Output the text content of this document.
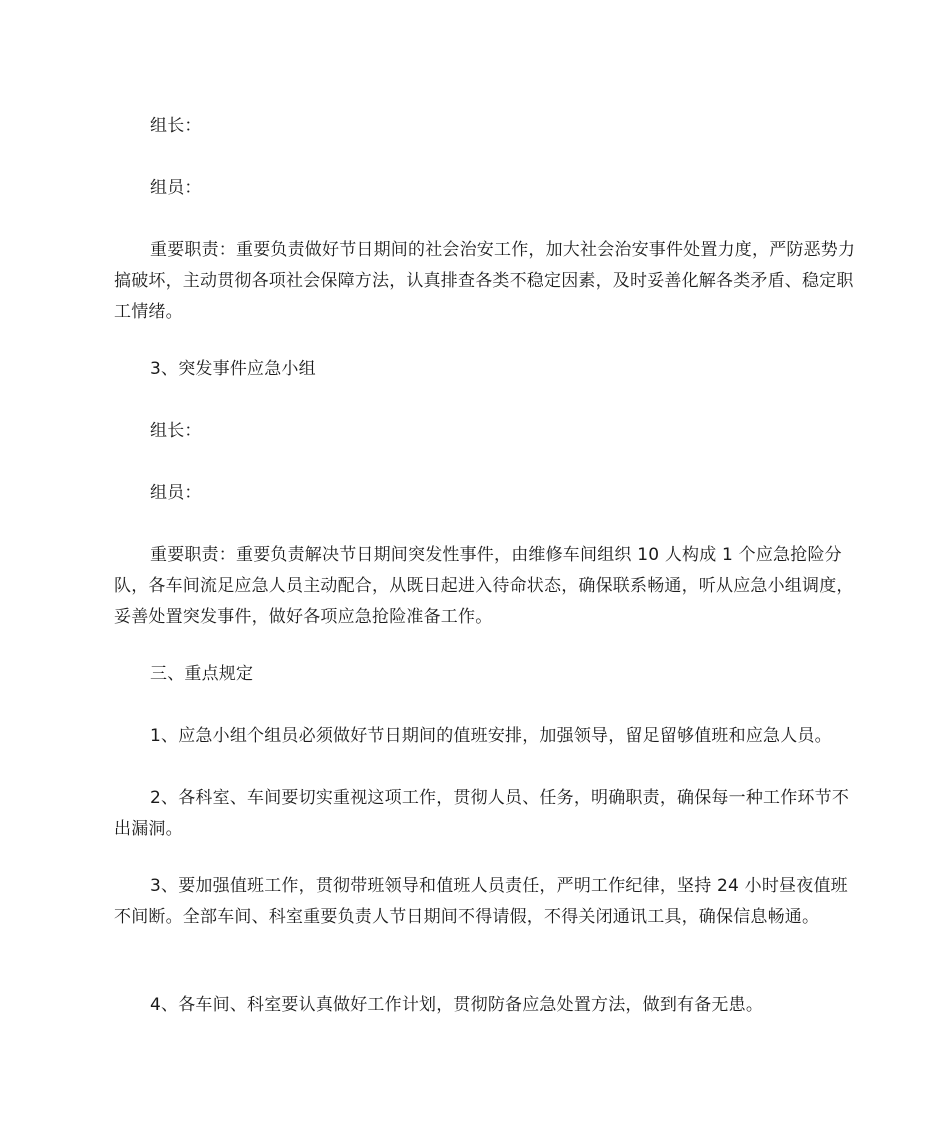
组长：

组员：

重要职责：重要负责做好节日期间的社会治安工作，加大社会治安事件处置力度，严防恶势力搞破坏，主动贯彻各项社会保障方法，认真排查各类不稳定因素，及时妥善化解各类矛盾、稳定职工情绪。

3、突发事件应急小组

组长：

组员：

重要职责：重要负责解决节日期间突发性事件，由维修车间组织 10 人构成 1 个应急抢险分队，各车间流足应急人员主动配合，从既日起进入待命状态，确保联系畅通，听从应急小组调度，妥善处置突发事件，做好各项应急抢险准备工作。

三、重点规定

1、应急小组个组员必须做好节日期间的值班安排，加强领导，留足留够值班和应急人员。

2、各科室、车间要切实重视这项工作，贯彻人员、任务，明确职责，确保每一种工作环节不出漏洞。

3、要加强值班工作，贯彻带班领导和值班人员责任，严明工作纪律，坚持 24 小时昼夜值班不间断。全部车间、科室重要负责人节日期间不得请假，不得关闭通讯工具，确保信息畅通。

4、各车间、科室要认真做好工作计划，贯彻防备应急处置方法，做到有备无患。
